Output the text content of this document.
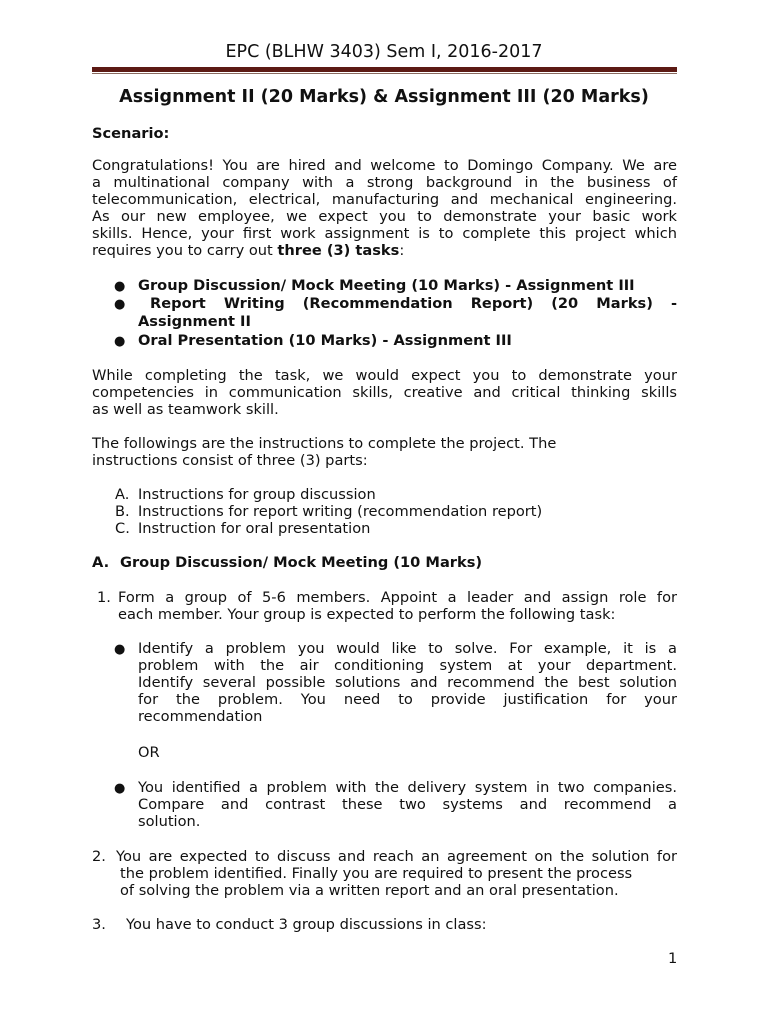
EPC (BLHW 3403) Sem I, 2016-2017
Assignment II (20 Marks) & Assignment III (20 Marks)
Scenario:
Congratulations! You are hired and welcome to Domingo Company. We are
a multinational company with a strong background in the business of
telecommunication, electrical, manufacturing and mechanical engineering.
As our new employee, we expect you to demonstrate your basic work
skills. Hence, your first work assignment is to complete this project which
requires you to carry out three (3) tasks:
● Group Discussion/ Mock Meeting (10 Marks) - Assignment III
● Report Writing (Recommendation Report) (20 Marks) -
Assignment II
● Oral Presentation (10 Marks) - Assignment III
While completing the task, we would expect you to demonstrate your
competencies in communication skills, creative and critical thinking skills
as well as teamwork skill.
The followings are the instructions to complete the project. The
instructions consist of three (3) parts:
A. Instructions for group discussion
B. Instructions for report writing (recommendation report)
C. Instruction for oral presentation
A. Group Discussion/ Mock Meeting (10 Marks)
1. Form a group of 5-6 members. Appoint a leader and assign role for
each member. Your group is expected to perform the following task:
● Identify a problem you would like to solve. For example, it is a
problem with the air conditioning system at your department.
Identify several possible solutions and recommend the best solution
for the problem. You need to provide justification for your
recommendation
OR
● You identified a problem with the delivery system in two companies.
Compare and contrast these two systems and recommend a
solution.
2. You are expected to discuss and reach an agreement on the solution for
the problem identified. Finally you are required to present the process
of solving the problem via a written report and an oral presentation.
3. You have to conduct 3 group discussions in class:
1
